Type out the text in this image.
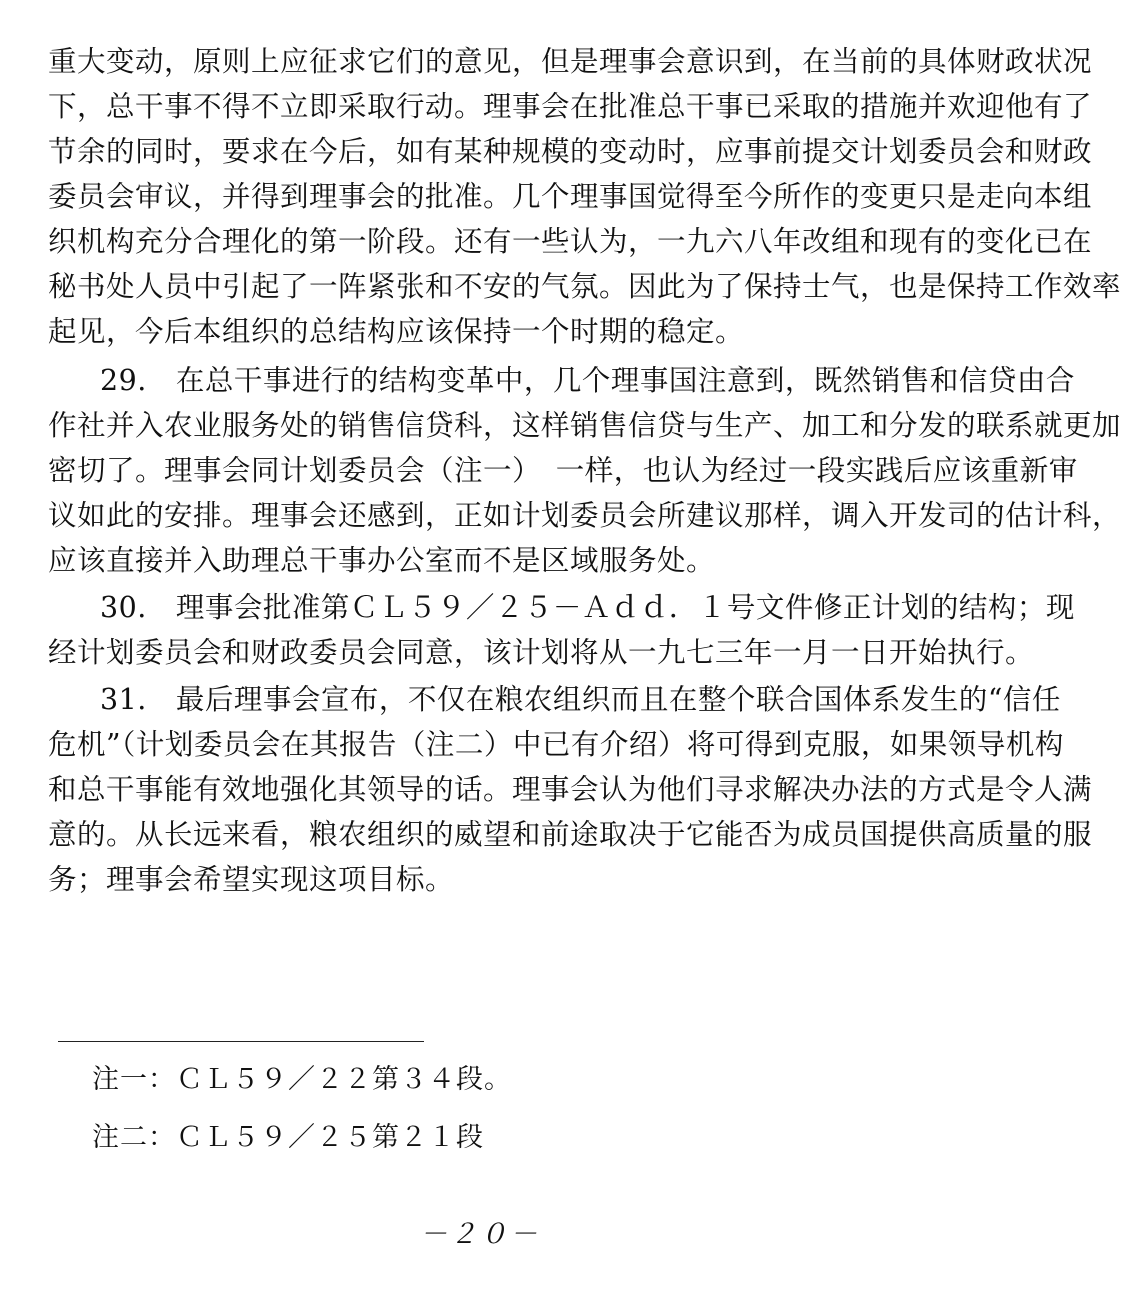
重大变动，原则上应征求它们的意见，但是理事会意识到，在当前的具体财政状况
下，总干事不得不立即采取行动。理事会在批准总干事已采取的措施并欢迎他有了
节余的同时，要求在今后，如有某种规模的变动时，应事前提交计划委员会和财政
委员会审议，并得到理事会的批准。几个理事国觉得至今所作的变更只是走向本组
织机构充分合理化的第一阶段。还有一些认为，一九六八年改组和现有的变化已在
秘书处人员中引起了一阵紧张和不安的气氛。因此为了保持士气，也是保持工作效率
起见，今后本组织的总结构应该保持一个时期的稳定。
29.　在总干事进行的结构变革中，几个理事国注意到，既然销售和信贷由合
作社并入农业服务处的销售信贷科，这样销售信贷与生产、加工和分发的联系就更加
密切了。理事会同计划委员会（注一）　一样，也认为经过一段实践后应该重新审
议如此的安排。理事会还感到，正如计划委员会所建议那样，调入开发司的估计科，
应该直接并入助理总干事办公室而不是区域服务处。
30.　理事会批准第ＣＬ５９／２５－Ａｄｄ．１号文件修正计划的结构；现
经计划委员会和财政委员会同意，该计划将从一九七三年一月一日开始执行。
31.　最后理事会宣布，不仅在粮农组织而且在整个联合国体系发生的“信任
危机”（计划委员会在其报告（注二）中已有介绍）将可得到克服，如果领导机构
和总干事能有效地强化其领导的话。理事会认为他们寻求解决办法的方式是令人满
意的。从长远来看，粮农组织的威望和前途取决于它能否为成员国提供高质量的服
务；理事会希望实现这项目标。
注一：ＣＬ５９／２２第３４段。
注二：ＣＬ５９／２５第２１段
－２０－
